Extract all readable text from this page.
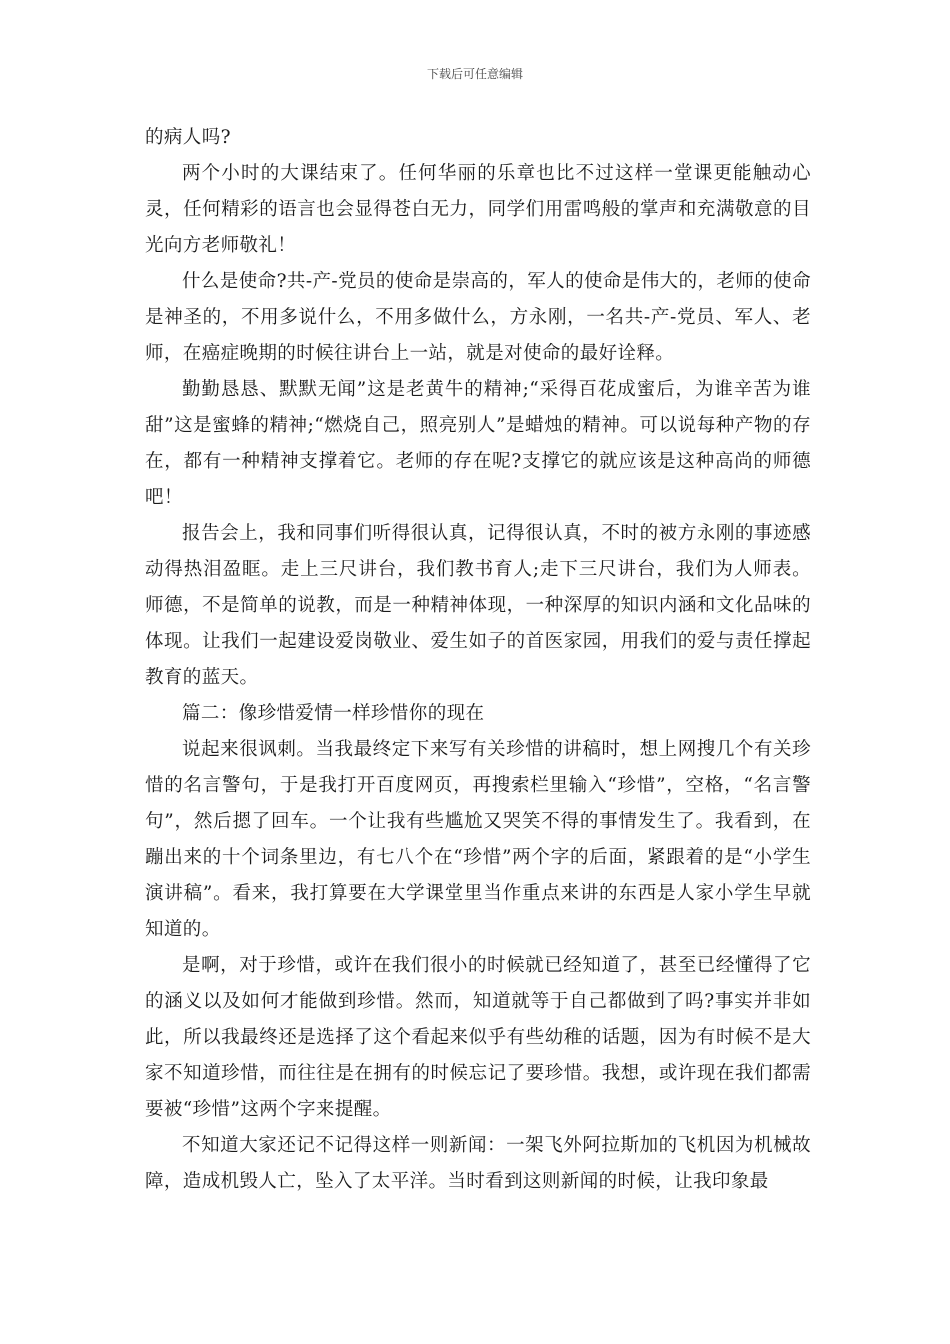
下载后可任意编辑

的病人吗?

两个小时的大课结束了。任何华丽的乐章也比不过这样一堂课更能触动心灵，任何精彩的语言也会显得苍白无力，同学们用雷鸣般的掌声和充满敬意的目光向方老师敬礼！

什么是使命?共-产-党员的使命是崇高的，军人的使命是伟大的，老师的使命是神圣的，不用多说什么，不用多做什么，方永刚，一名共-产-党员、军人、老师，在癌症晚期的时候往讲台上一站，就是对使命的最好诠释。

勤勤恳恳、默默无闻”这是老黄牛的精神;“采得百花成蜜后，为谁辛苦为谁甜”这是蜜蜂的精神;“燃烧自己，照亮别人”是蜡烛的精神。可以说每种产物的存在，都有一种精神支撑着它。老师的存在呢?支撑它的就应该是这种高尚的师德吧！

报告会上，我和同事们听得很认真，记得很认真，不时的被方永刚的事迹感动得热泪盈眶。走上三尺讲台，我们教书育人;走下三尺讲台，我们为人师表。师德，不是简单的说教，而是一种精神体现，一种深厚的知识内涵和文化品味的体现。让我们一起建设爱岗敬业、爱生如子的首医家园，用我们的爱与责任撑起教育的蓝天。

篇二：像珍惜爱情一样珍惜你的现在

说起来很讽刺。当我最终定下来写有关珍惜的讲稿时，想上网搜几个有关珍惜的名言警句，于是我打开百度网页，再搜索栏里输入“珍惜”，空格，“名言警句”，然后摁了回车。一个让我有些尴尬又哭笑不得的事情发生了。我看到，在蹦出来的十个词条里边，有七八个在“珍惜”两个字的后面，紧跟着的是“小学生演讲稿”。看来，我打算要在大学课堂里当作重点来讲的东西是人家小学生早就知道的。

是啊，对于珍惜，或许在我们很小的时候就已经知道了，甚至已经懂得了它的涵义以及如何才能做到珍惜。然而，知道就等于自己都做到了吗?事实并非如此，所以我最终还是选择了这个看起来似乎有些幼稚的话题，因为有时候不是大家不知道珍惜，而往往是在拥有的时候忘记了要珍惜。我想，或许现在我们都需要被“珍惜”这两个字来提醒。

不知道大家还记不记得这样一则新闻：一架飞外阿拉斯加的飞机因为机械故障，造成机毁人亡，坠入了太平洋。当时看到这则新闻的时候，让我印象最
